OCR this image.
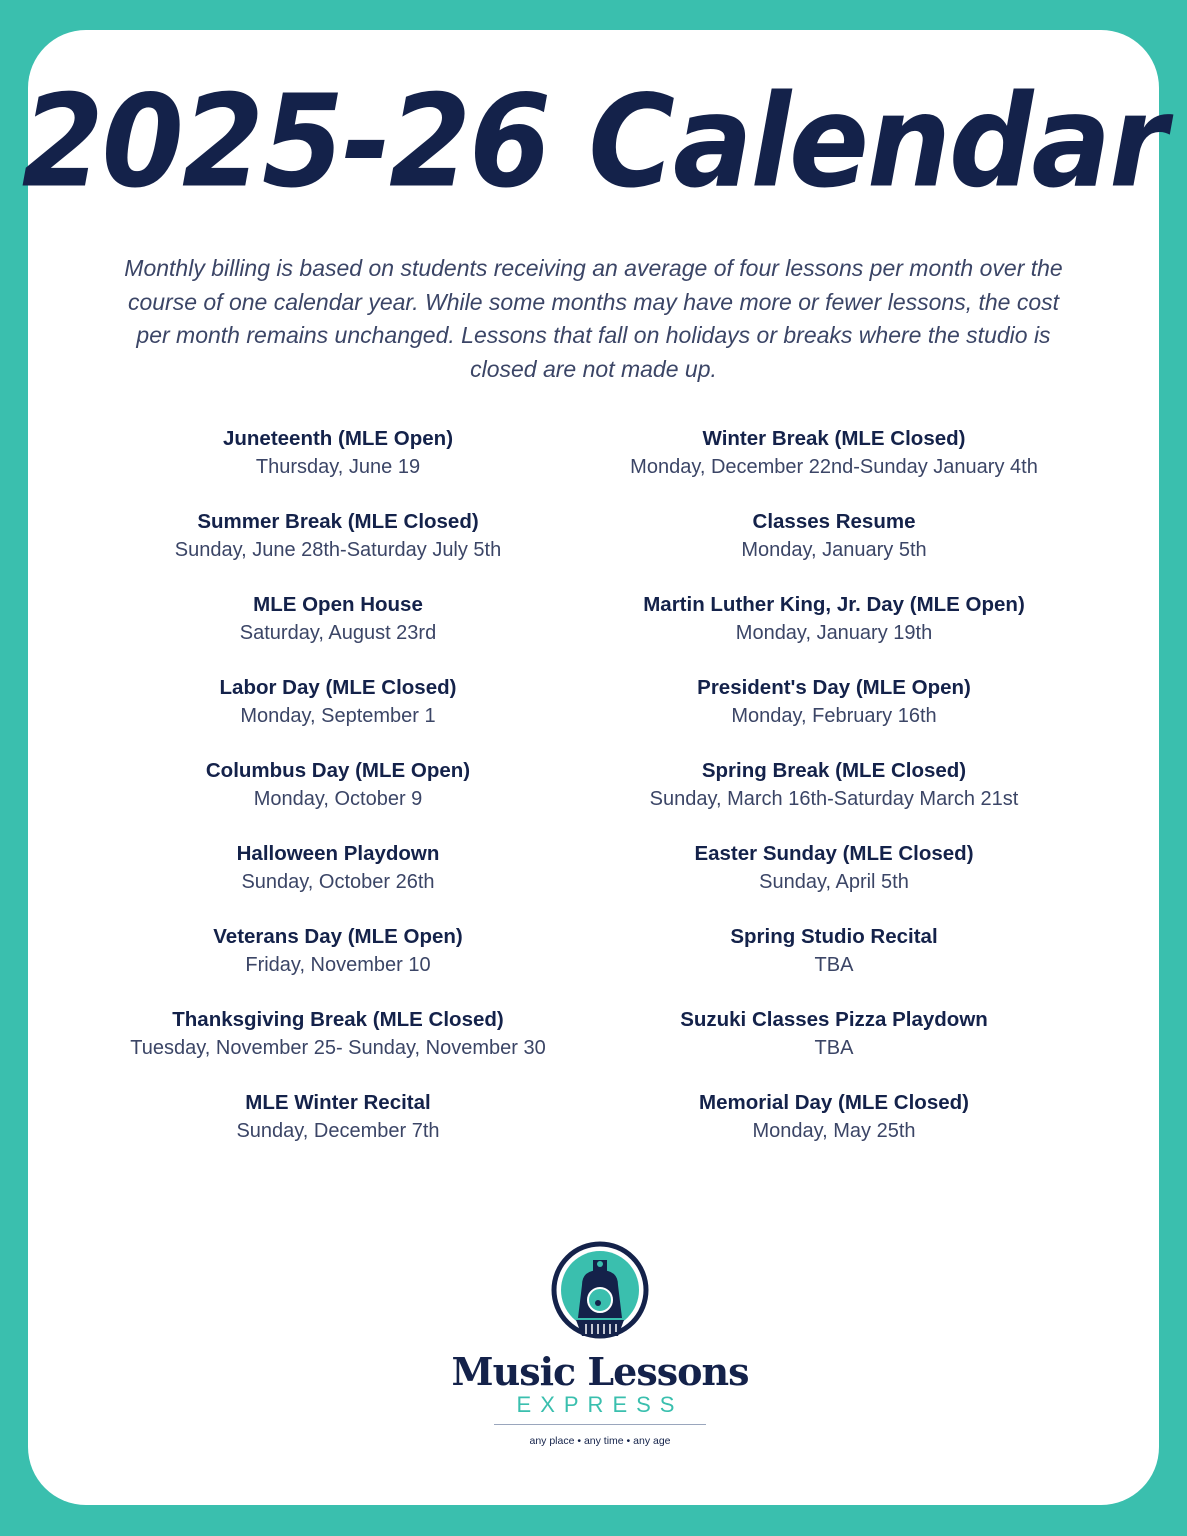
2025-26 Calendar
Monthly billing is based on students receiving an average of four lessons per month over the course of one calendar year. While some months may have more or fewer lessons, the cost per month remains unchanged. Lessons that fall on holidays or breaks where the studio is closed are not made up.
Juneteenth (MLE Open)
Thursday, June 19
Summer Break (MLE Closed)
Sunday, June 28th-Saturday July 5th
MLE Open House
Saturday, August 23rd
Labor Day (MLE Closed)
Monday, September 1
Columbus Day (MLE Open)
Monday, October 9
Halloween Playdown
Sunday, October 26th
Veterans Day (MLE Open)
Friday, November 10
Thanksgiving Break (MLE Closed)
Tuesday, November 25- Sunday, November 30
MLE Winter Recital
Sunday, December 7th
Winter Break (MLE Closed)
Monday, December 22nd-Sunday January 4th
Classes Resume
Monday, January 5th
Martin Luther King, Jr. Day (MLE Open)
Monday, January 19th
President's Day (MLE Open)
Monday, February 16th
Spring Break (MLE Closed)
Sunday, March 16th-Saturday March 21st
Easter Sunday (MLE Closed)
Sunday, April 5th
Spring Studio Recital
TBA
Suzuki Classes Pizza Playdown
TBA
Memorial Day (MLE Closed)
Monday, May 25th
Music Lessons
EXPRESS
any place • any time • any age
